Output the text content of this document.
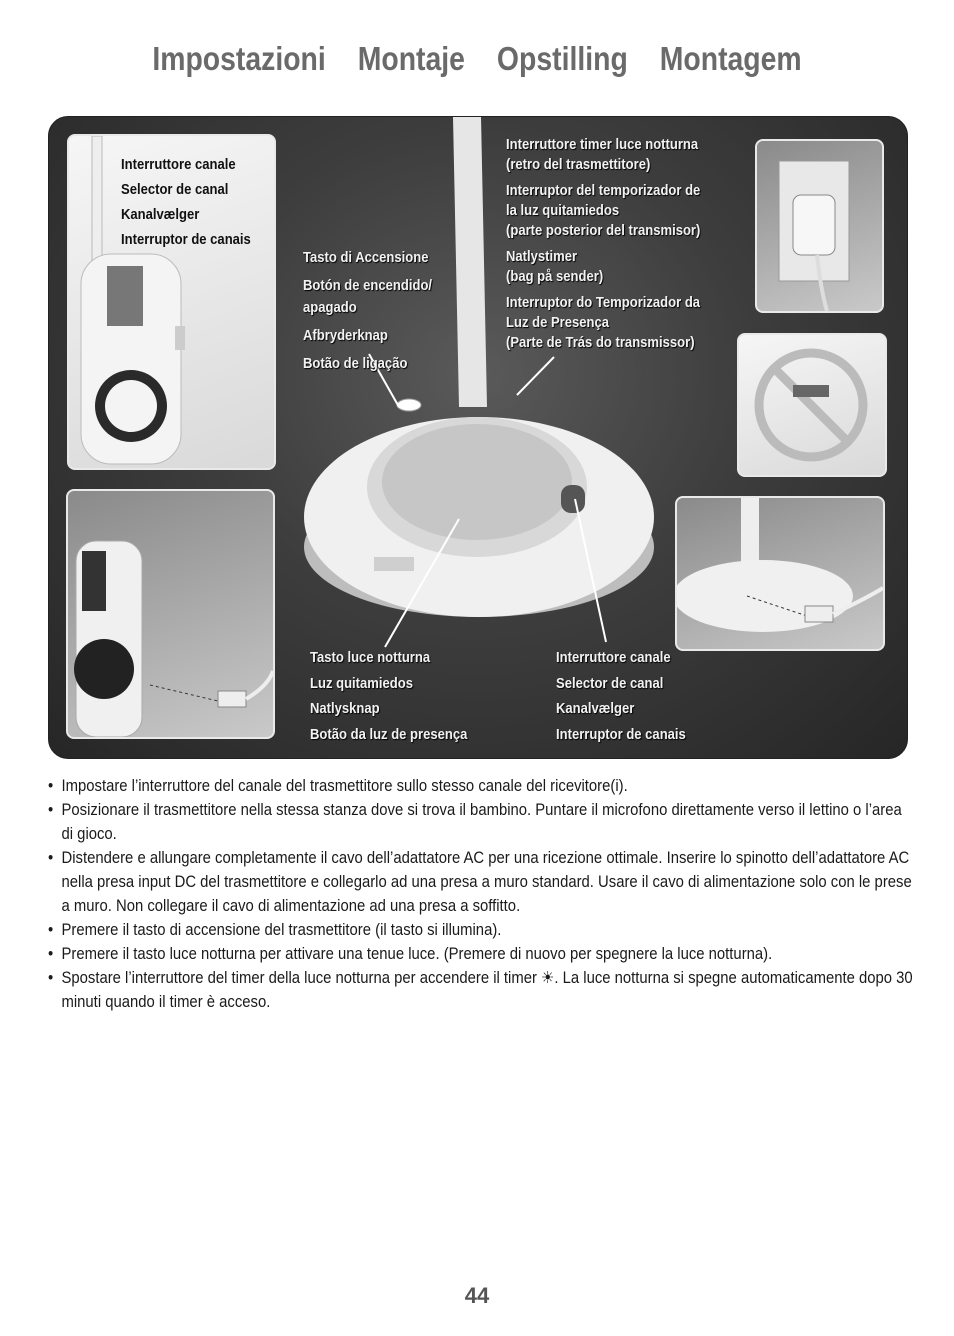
Impostazioni Montaje Opstilling Montagem
Interruttore canale
Selector de canal
Kanalvælger
Interruptor de canais
Tasto di Accensione
Botón de encendido/
apagado
Afbryderknap
Botão de ligação
Interruttore timer luce notturna
(retro del trasmettitore)
Interruptor del temporizador de
la luz quitamiedos
(parte posterior del transmisor)
Natlystimer
(bag på sender)
Interruptor do Temporizador da
Luz de Presença
(Parte de Trás do transmissor)
Tasto luce notturna
Luz quitamiedos
Natlysknap
Botão da luz de presença
Interruttore canale
Selector de canal
Kanalvælger
Interruptor de canais
• Impostare l’interruttore del canale del trasmettitore sullo stesso canale del ricevitore(i).
• Posizionare il trasmettitore nella stessa stanza dove si trova il bambino. Puntare il microfono direttamente verso il lettino o l’area di gioco.
• Distendere e allungare completamente il cavo dell’adattatore AC per una ricezione ottimale. Inserire lo spinotto dell’adattatore AC nella presa input DC del trasmettitore e collegarlo ad una presa a muro standard. Usare il cavo di alimentazione solo con le prese a muro. Non collegare il cavo di alimentazione ad una presa a soffitto.
• Premere il tasto di accensione del trasmettitore (il tasto si illumina).
• Premere il tasto luce notturna per attivare una tenue luce. (Premere di nuovo per spegnere la luce notturna).
• Spostare l’interruttore del timer della luce notturna per accendere il timer ☀. La luce notturna si spegne automaticamente dopo 30 minuti quando il timer è acceso.
44
